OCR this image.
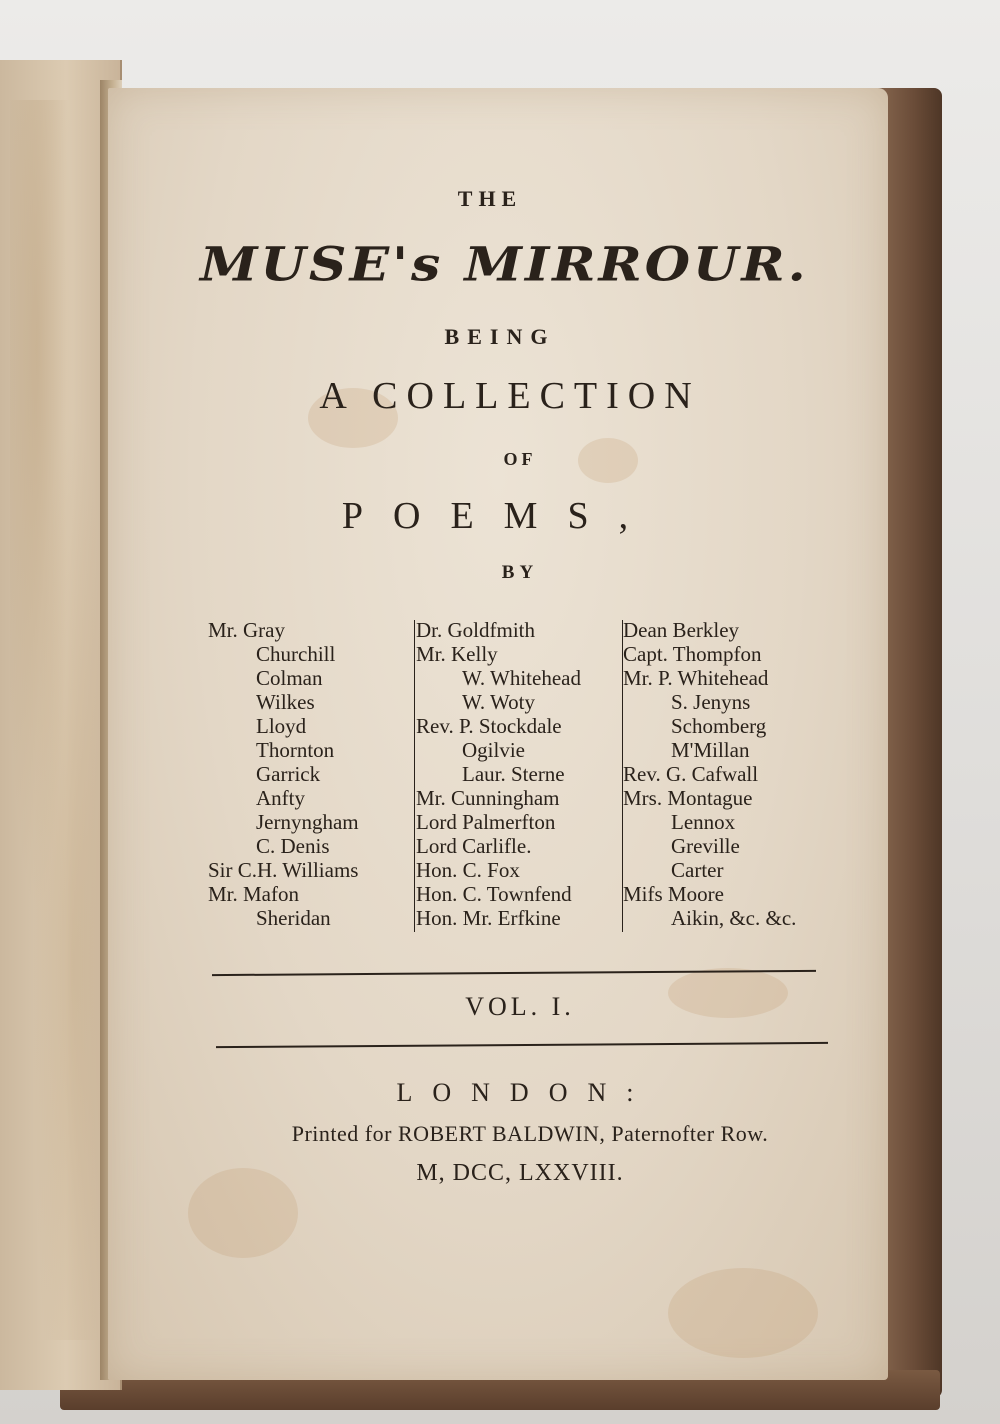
THE
MUSE's MIRROUR.
BEING
A COLLECTION
OF
POEMS,
BY
Mr. Gray
Churchill
Colman
Wilkes
Lloyd
Thornton
Garrick
Anfty
Jernyngham
C. Denis
Sir C.H. Williams
Mr. Mafon
Sheridan
Dr. Goldfmith
Mr. Kelly
W. Whitehead
W. Woty
Rev. P. Stockdale
Ogilvie
Laur. Sterne
Mr. Cunningham
Lord Palmerfton
Lord Carlifle.
Hon. C. Fox
Hon. C. Townfend
Hon. Mr. Erfkine
Dean Berkley
Capt. Thompfon
Mr. P. Whitehead
S. Jenyns
Schomberg
M'Millan
Rev. G. Cafwall
Mrs. Montague
Lennox
Greville
Carter
Mifs Moore
Aikin, &c. &c.
VOL. I.
LONDON:
Printed for ROBERT BALDWIN, Paternofter Row.
M, DCC, LXXVIII.
